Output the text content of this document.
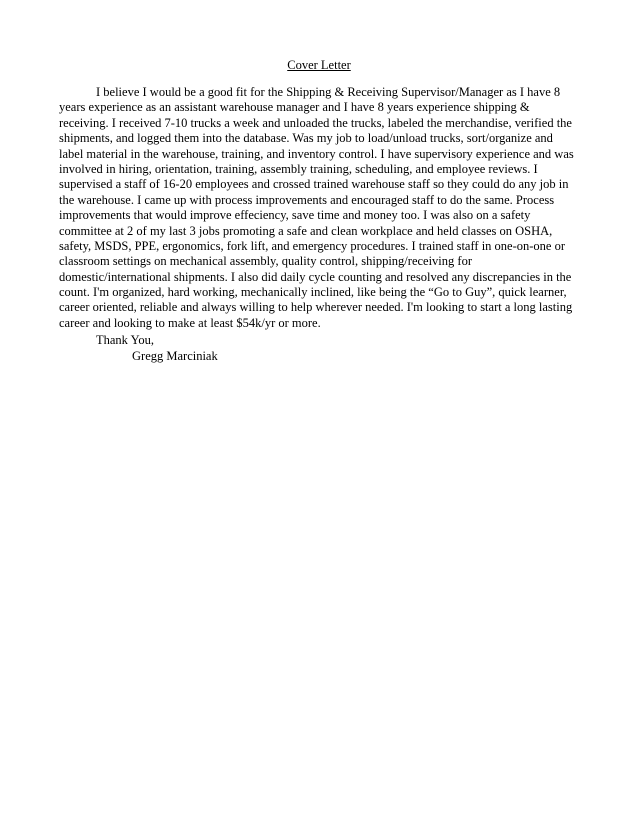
Cover Letter
I believe I would be a good fit for the Shipping & Receiving Supervisor/Manager as I have 8
years experience as an assistant warehouse manager and I have 8 years experience shipping &
receiving. I received 7-10 trucks a week and unloaded the trucks, labeled the merchandise, verified the
shipments, and logged them into the database. Was my job to load/unload trucks, sort/organize and
label material in the warehouse, training, and inventory control. I have supervisory experience and was
involved in hiring, orientation, training, assembly training, scheduling, and employee reviews. I
supervised a staff of 16-20 employees and crossed trained warehouse staff so they could do any job in
the warehouse. I came up with process improvements and encouraged staff to do the same. Process
improvements that would improve effeciency, save time and money too. I was also on a safety
committee at 2 of my last 3 jobs promoting a safe and clean workplace and held classes on OSHA,
safety, MSDS, PPE, ergonomics, fork lift, and emergency procedures. I trained staff in one-on-one or
classroom settings on mechanical assembly, quality control, shipping/receiving for
domestic/international shipments. I also did daily cycle counting and resolved any discrepancies in the
count. I'm organized, hard working, mechanically inclined, like being the “Go to Guy”, quick learner,
career oriented, reliable and always willing to help wherever needed. I'm looking to start a long lasting
career and looking to make at least $54k/yr or more.

Thank You,

Gregg Marciniak
